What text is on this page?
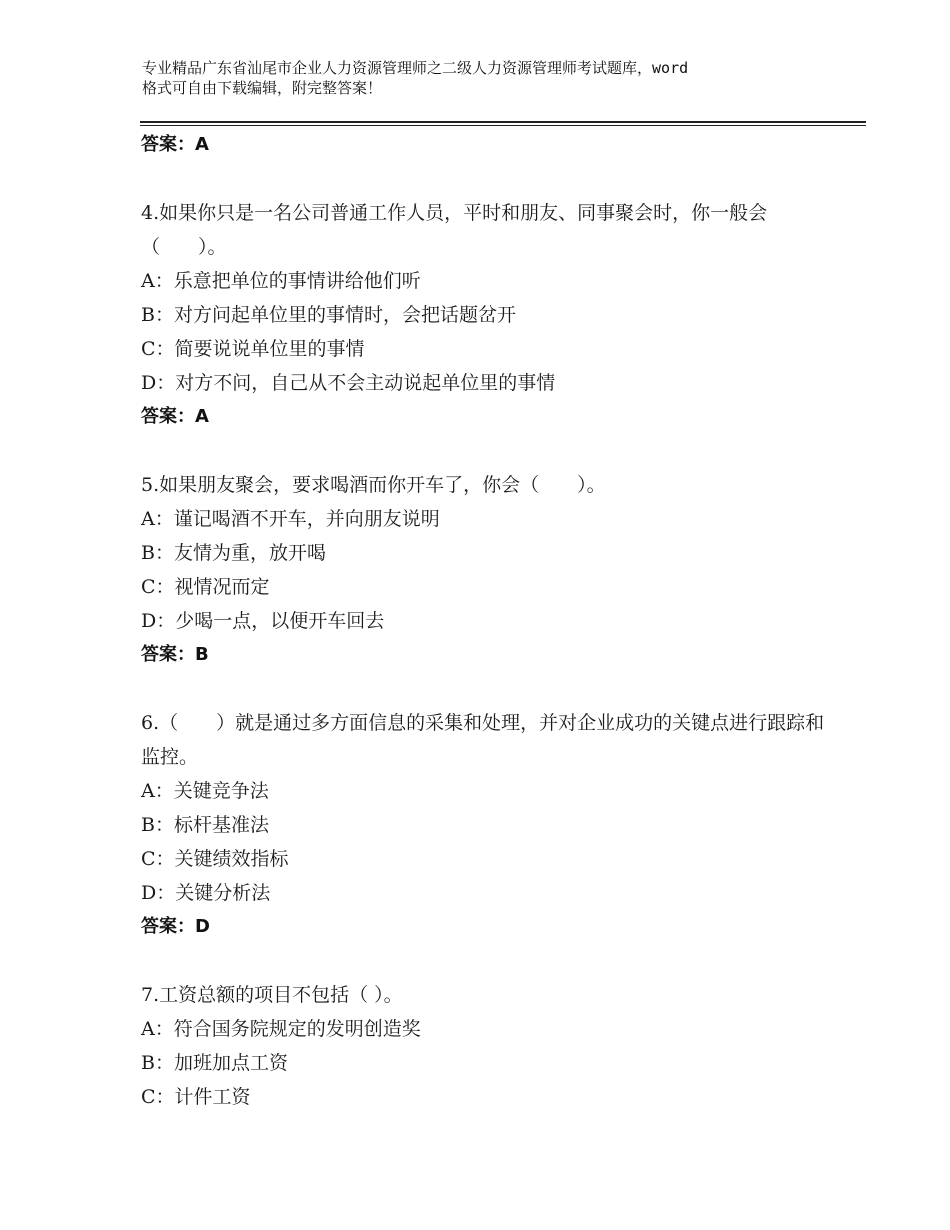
专业精品广东省汕尾市企业人力资源管理师之二级人力资源管理师考试题库，word
格式可自由下载编辑，附完整答案！
答案：A
4.如果你只是一名公司普通工作人员，平时和朋友、同事聚会时，你一般会（　　）。
A：乐意把单位的事情讲给他们听
B：对方问起单位里的事情时，会把话题岔开
C：简要说说单位里的事情
D：对方不问，自己从不会主动说起单位里的事情
答案：A
5.如果朋友聚会，要求喝酒而你开车了，你会（　　）。
A：谨记喝酒不开车，并向朋友说明
B：友情为重，放开喝
C：视情况而定
D：少喝一点，以便开车回去
答案：B
6.（　　）就是通过多方面信息的采集和处理，并对企业成功的关键点进行跟踪和监控。
A：关键竞争法
B：标杆基准法
C：关键绩效指标
D：关键分析法
答案：D
7.工资总额的项目不包括（ ）。
A：符合国务院规定的发明创造奖
B：加班加点工资
C：计件工资
